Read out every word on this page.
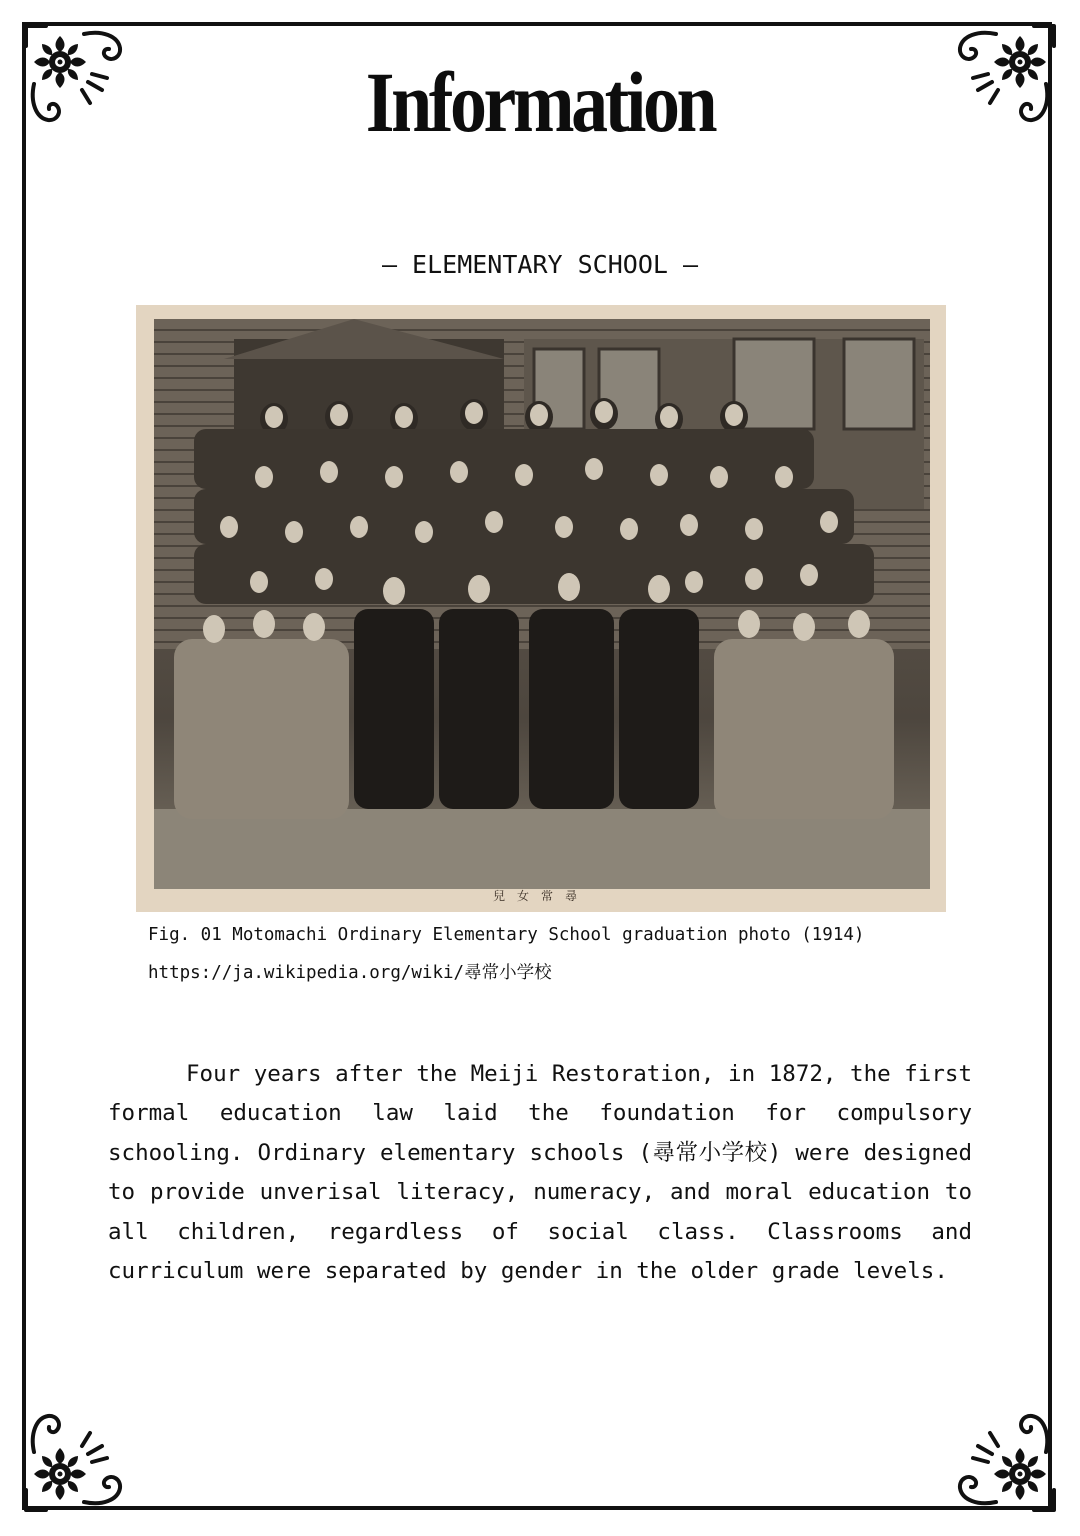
Information
— ELEMENTARY SCHOOL —
兒女常尋
Fig. 01 Motomachi Ordinary Elementary School graduation photo (1914)
https://ja.wikipedia.org/wiki/尋常小学校

Four years after the Meiji Restoration, in 1872, the first formal education law laid the foundation for compulsory schooling. Ordinary elementary schools (尋常小学校) were designed to provide unverisal literacy, numeracy, and moral education to all children, regardless of social class. Classrooms and curriculum were separated by gender in the older grade levels.
